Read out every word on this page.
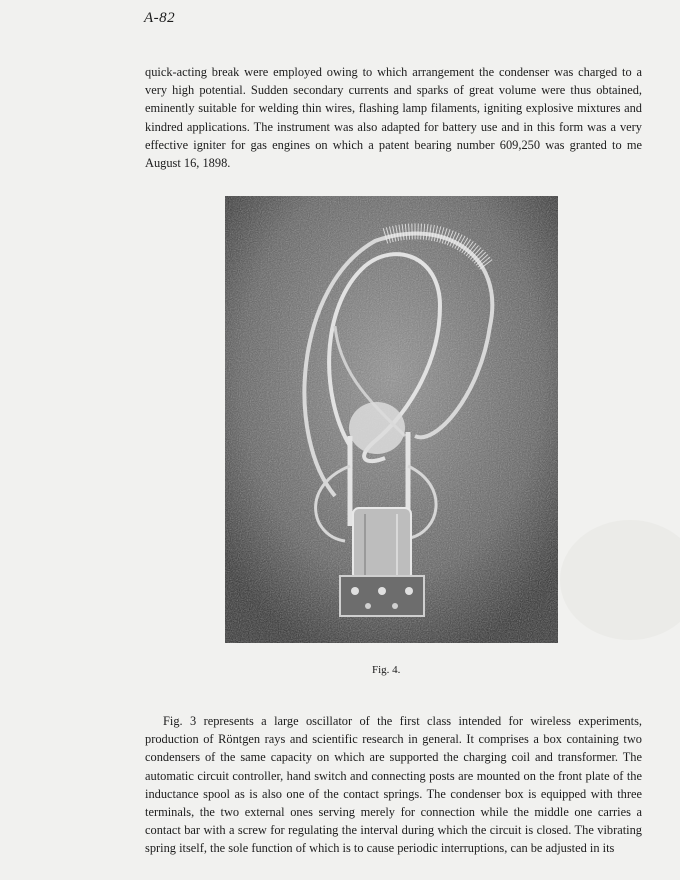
A-82

quick-acting break were employed owing to which arrangement the condenser was charged to a very high potential. Sudden secondary currents and sparks of great volume were thus obtained, eminently suitable for welding thin wires, flashing lamp filaments, igniting explosive mixtures and kindred applications. The instrument was also adapted for battery use and in this form was a very effective igniter for gas engines on which a patent bearing number 609,250 was granted to me August 16, 1898.

Fig. 4.

Fig. 3 represents a large oscillator of the first class intended for wireless experiments, production of Röntgen rays and scientific research in general. It comprises a box containing two condensers of the same capacity on which are supported the charging coil and transformer. The automatic circuit controller, hand switch and connecting posts are mounted on the front plate of the inductance spool as is also one of the contact springs. The condenser box is equipped with three terminals, the two external ones serving merely for connection while the middle one carries a contact bar with a screw for regulating the interval during which the circuit is closed. The vibrating spring itself, the sole function of which is to cause periodic interruptions, can be adjusted in its
